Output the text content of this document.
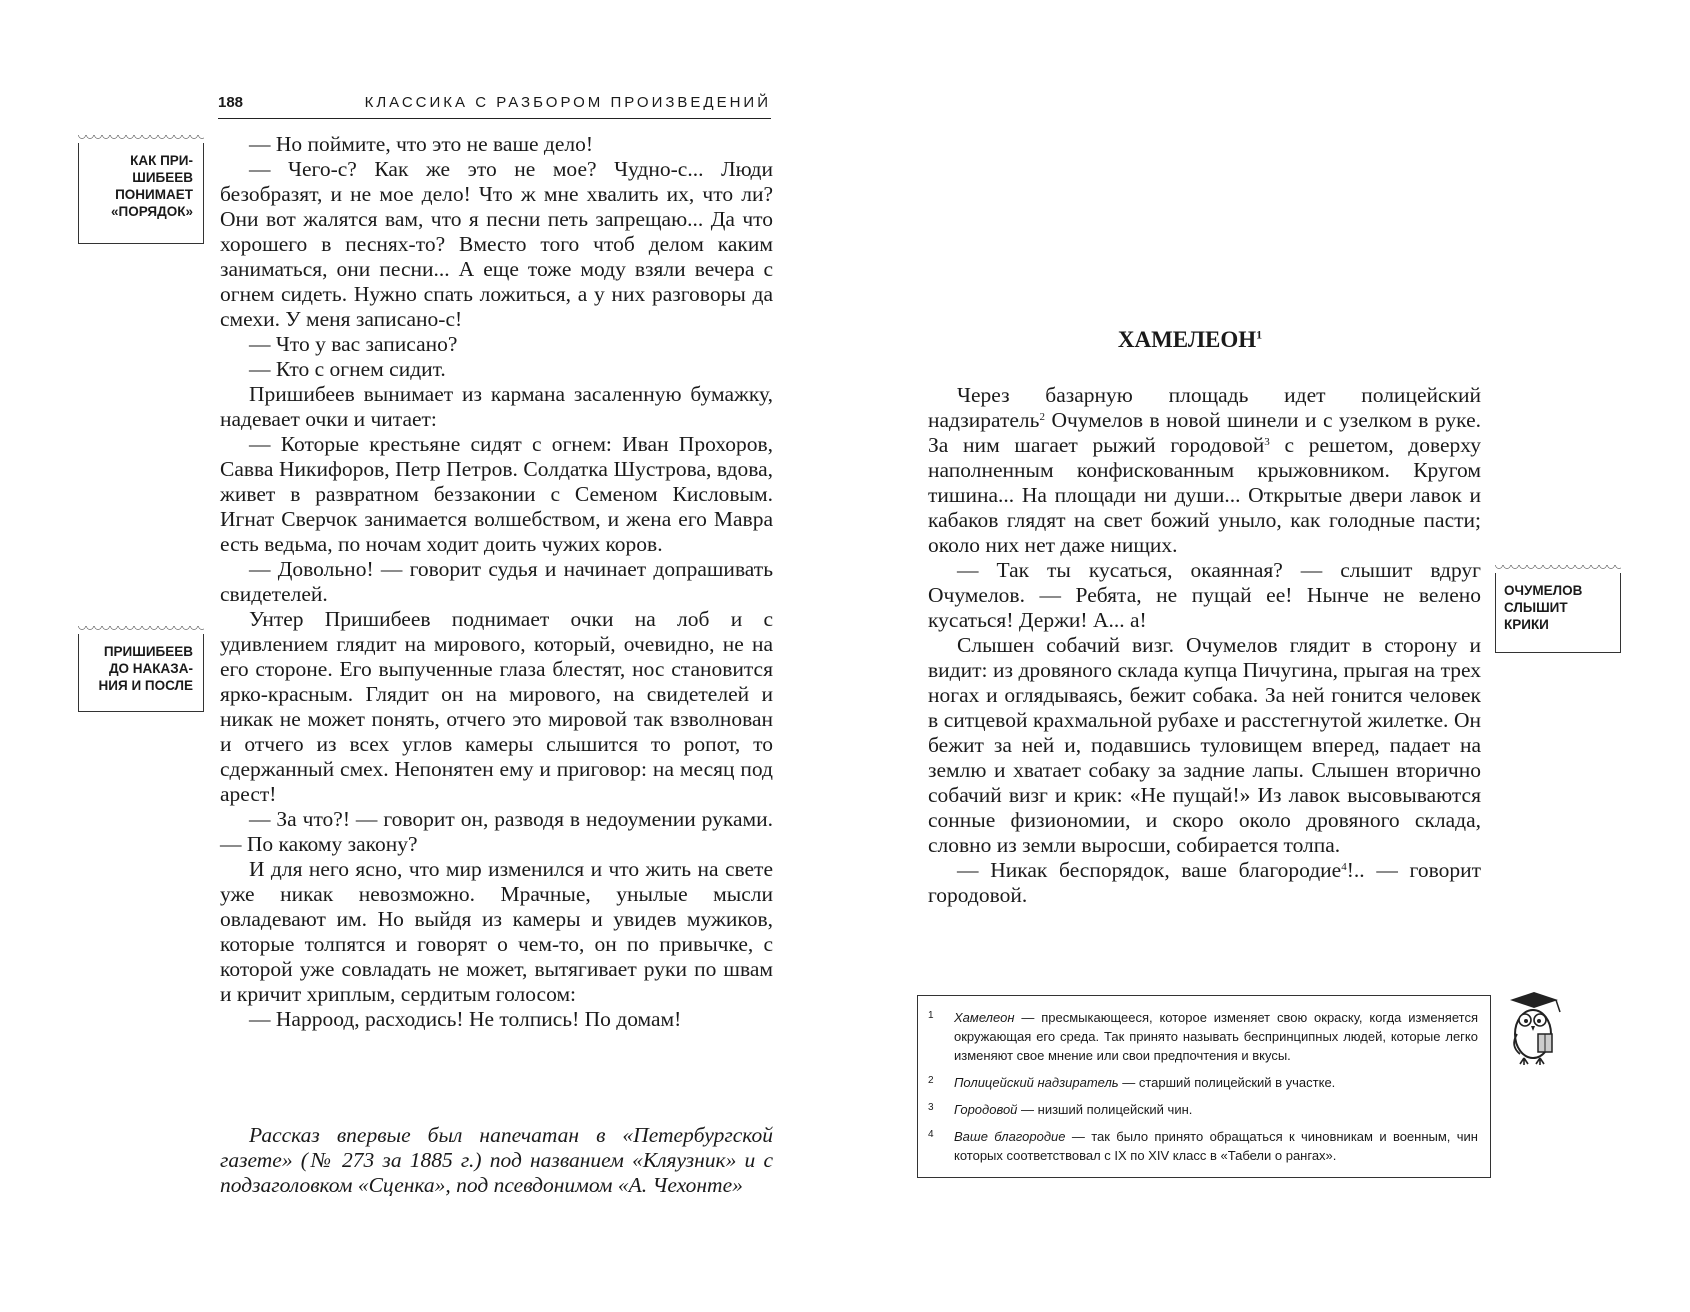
188	КЛАССИКА С РАЗБОРОМ ПРОИЗВЕДЕНИЙ
КАК ПРИ-
ШИБЕЕВ
ПОНИМАЕТ
«ПОРЯДОК»
ПРИШИБЕЕВ
ДО НАКАЗА-
НИЯ И ПОСЛЕ

— Но поймите, что это не ваше дело!

— Чего-с? Как же это не мое? Чудно-с... Люди безобразят, и не мое дело! Что ж мне хвалить их, что ли? Они вот жалятся вам, что я песни петь запрещаю... Да что хорошего в песнях-то? Вместо того чтоб делом каким заниматься, они песни... А еще тоже моду взяли вечера с огнем сидеть. Нужно спать ложиться, а у них разговоры да смехи. У меня записано-с!

— Что у вас записано?

— Кто с огнем сидит.

Пришибеев вынимает из кармана засаленную бумажку, надевает очки и читает:

— Которые крестьяне сидят с огнем: Иван Прохоров, Савва Никифоров, Петр Петров. Солдатка Шустрова, вдова, живет в развратном беззаконии с Семеном Кисловым. Игнат Сверчок занимается волшебством, и жена его Мавра есть ведьма, по ночам ходит доить чужих коров.

— Довольно! — говорит судья и начинает допрашивать свидетелей.

Унтер Пришибеев поднимает очки на лоб и с удивлением глядит на мирового, который, очевидно, не на его стороне. Его выпученные глаза блестят, нос становится ярко-красным. Глядит он на мирового, на свидетелей и никак не может понять, отчего это мировой так взволнован и отчего из всех углов камеры слышится то ропот, то сдержанный смех. Непонятен ему и приговор: на месяц под арест!

— За что?! — говорит он, разводя в недоумении руками. — По какому закону?

И для него ясно, что мир изменился и что жить на свете уже никак невозможно. Мрачные, унылые мысли овладевают им. Но выйдя из камеры и увидев мужиков, которые толпятся и говорят о чем-то, он по привычке, с которой уже совладать не может, вытягивает руки по швам и кричит хриплым, сердитым голосом:

— Нарроод, расходись! Не толпись! По домам!

Рассказ впервые был напечатан в «Петербургской газете» (№ 273 за 1885 г.) под названием «Кляузник» и с подзаголовком «Сценка», под псевдонимом «А. Чехонте»

ХАМЕЛЕОН$^1$
ОЧУМЕЛОВ
СЛЫШИТ
КРИКИ

Через базарную площадь идет полицейский надзиратель$^2$ Очумелов в новой шинели и с узелком в руке. За ним шагает рыжий городовой$^3$ с решетом, доверху наполненным конфискованным крыжовником. Кругом тишина... На площади ни души... Открытые двери лавок и кабаков глядят на свет божий уныло, как голодные пасти; около них нет даже нищих.

— Так ты кусаться, окаянная? — слышит вдруг Очумелов. — Ребята, не пущай ее! Нынче не велено кусаться! Держи! А... а!

Слышен собачий визг. Очумелов глядит в сторону и видит: из дровяного склада купца Пичугина, прыгая на трех ногах и оглядываясь, бежит собака. За ней гонится человек в ситцевой крахмальной рубахе и расстегнутой жилетке. Он бежит за ней и, подавшись туловищем вперед, падает на землю и хватает собаку за задние лапы. Слышен вторично собачий визг и крик: «Не пущай!» Из лавок высовываются сонные физиономии, и скоро около дровяного склада, словно из земли выросши, собирается толпа.

— Никак беспорядок, ваше благородие$^4$!.. — говорит городовой.

1 Хамелеон — пресмыкающееся, которое изменяет свою окраску, когда изменяется окружающая его среда. Так принято называть беспринципных людей, которые легко изменяют свое мнение или свои предпочтения и вкусы.
2 Полицейский надзиратель — старший полицейский в участке.
3 Городовой — низший полицейский чин.
4 Ваше благородие — так было принято обращаться к чиновникам и военным, чин которых соответствовал с IX по XIV класс в «Табели о рангах».
